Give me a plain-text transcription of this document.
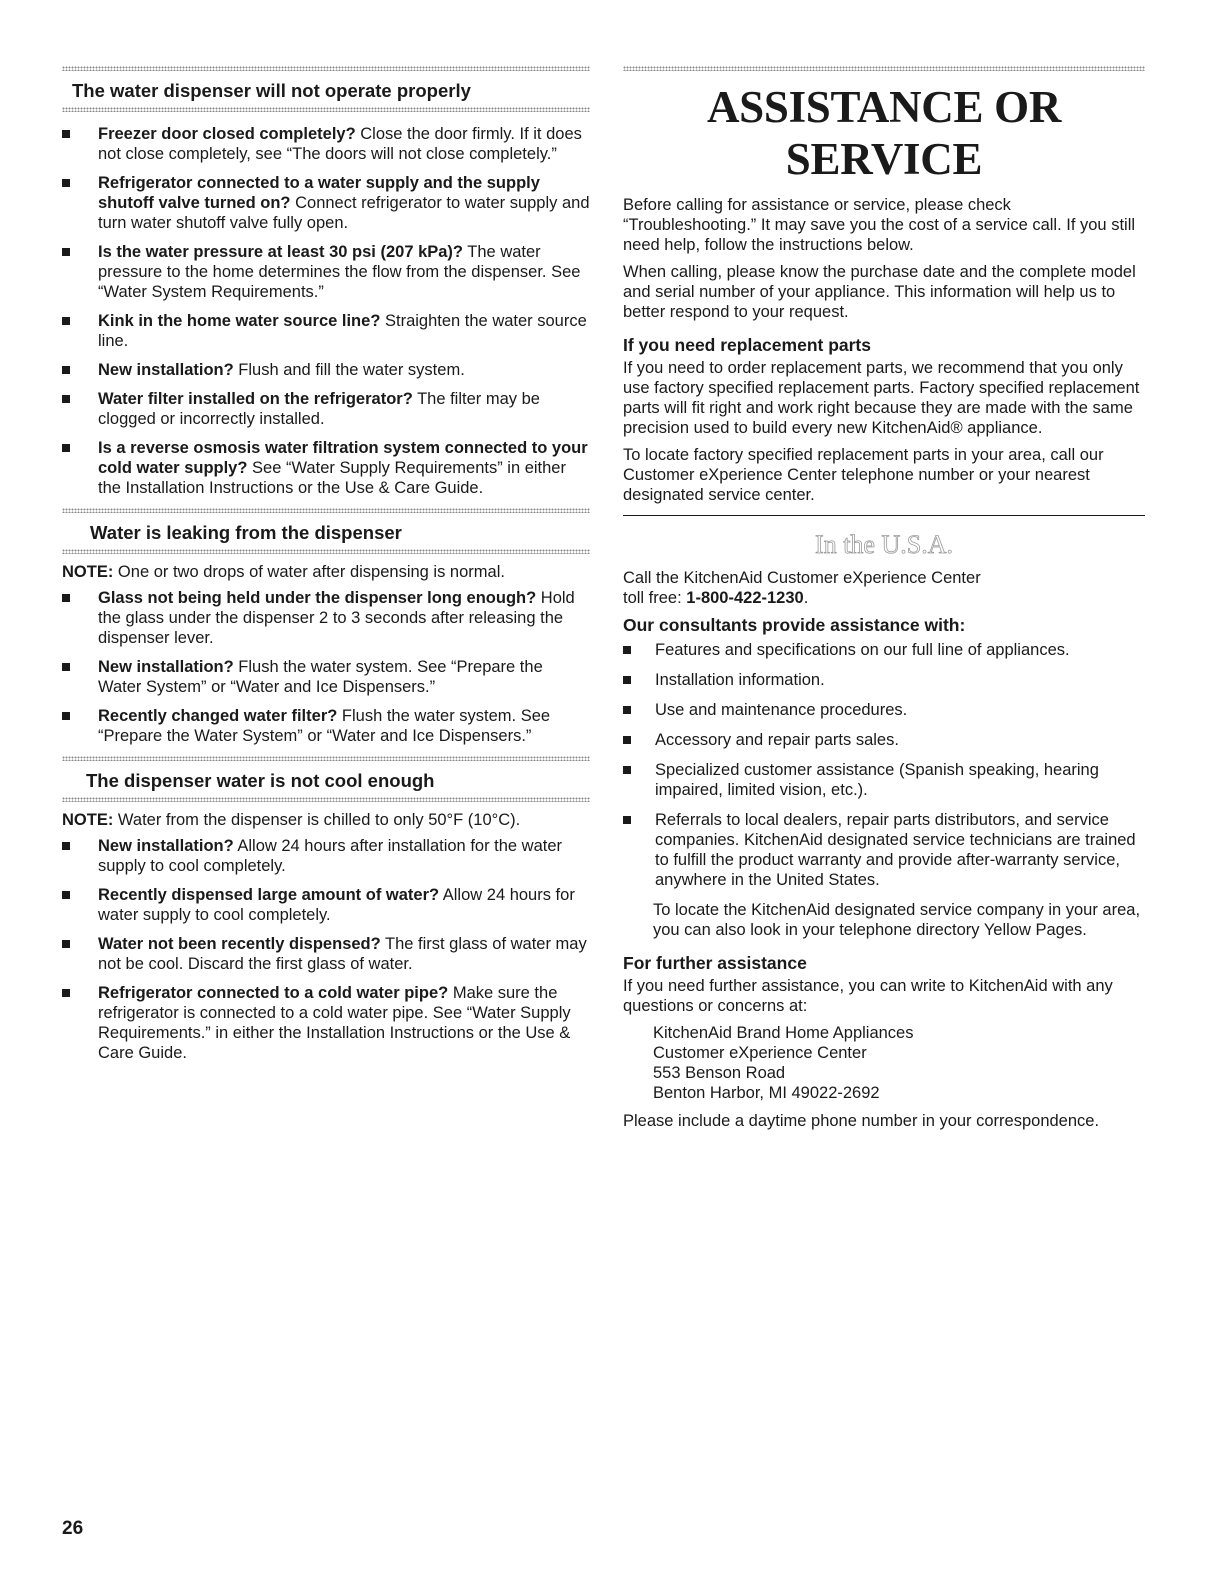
The water dispenser will not operate properly
Freezer door closed completely? Close the door firmly. If it does not close completely, see “The doors will not close completely.”
Refrigerator connected to a water supply and the supply shutoff valve turned on? Connect refrigerator to water supply and turn water shutoff valve fully open.
Is the water pressure at least 30 psi (207 kPa)? The water pressure to the home determines the flow from the dispenser. See “Water System Requirements.”
Kink in the home water source line? Straighten the water source line.
New installation? Flush and fill the water system.
Water filter installed on the refrigerator? The filter may be clogged or incorrectly installed.
Is a reverse osmosis water filtration system connected to your cold water supply? See “Water Supply Requirements” in either the Installation Instructions or the Use & Care Guide.
Water is leaking from the dispenser
NOTE: One or two drops of water after dispensing is normal.
Glass not being held under the dispenser long enough? Hold the glass under the dispenser 2 to 3 seconds after releasing the dispenser lever.
New installation? Flush the water system. See “Prepare the Water System” or “Water and Ice Dispensers.”
Recently changed water filter? Flush the water system. See “Prepare the Water System” or “Water and Ice Dispensers.”
The dispenser water is not cool enough
NOTE: Water from the dispenser is chilled to only 50°F (10°C).
New installation? Allow 24 hours after installation for the water supply to cool completely.
Recently dispensed large amount of water? Allow 24 hours for water supply to cool completely.
Water not been recently dispensed? The first glass of water may not be cool. Discard the first glass of water.
Refrigerator connected to a cold water pipe? Make sure the refrigerator is connected to a cold water pipe. See “Water Supply Requirements.” in either the Installation Instructions or the Use & Care Guide.
ASSISTANCE OR SERVICE

Before calling for assistance or service, please check “Troubleshooting.” It may save you the cost of a service call. If you still need help, follow the instructions below.

When calling, please know the purchase date and the complete model and serial number of your appliance. This information will help us to better respond to your request.

If you need replacement parts

If you need to order replacement parts, we recommend that you only use factory specified replacement parts. Factory specified replacement parts will fit right and work right because they are made with the same precision used to build every new KitchenAid® appliance.

To locate factory specified replacement parts in your area, call our Customer eXperience Center telephone number or your nearest designated service center.

In the U.S.A.

Call the KitchenAid Customer eXperience Center
toll free: 1-800-422-1230.

Our consultants provide assistance with:
Features and specifications on our full line of appliances.
Installation information.
Use and maintenance procedures.
Accessory and repair parts sales.
Specialized customer assistance (Spanish speaking, hearing impaired, limited vision, etc.).
Referrals to local dealers, repair parts distributors, and service companies. KitchenAid designated service technicians are trained to fulfill the product warranty and provide after-warranty service, anywhere in the United States.

To locate the KitchenAid designated service company in your area, you can also look in your telephone directory Yellow Pages.

For further assistance

If you need further assistance, you can write to KitchenAid with any questions or concerns at:

KitchenAid Brand Home Appliances
Customer eXperience Center
553 Benson Road
Benton Harbor, MI 49022-2692

Please include a daytime phone number in your correspondence.

26
